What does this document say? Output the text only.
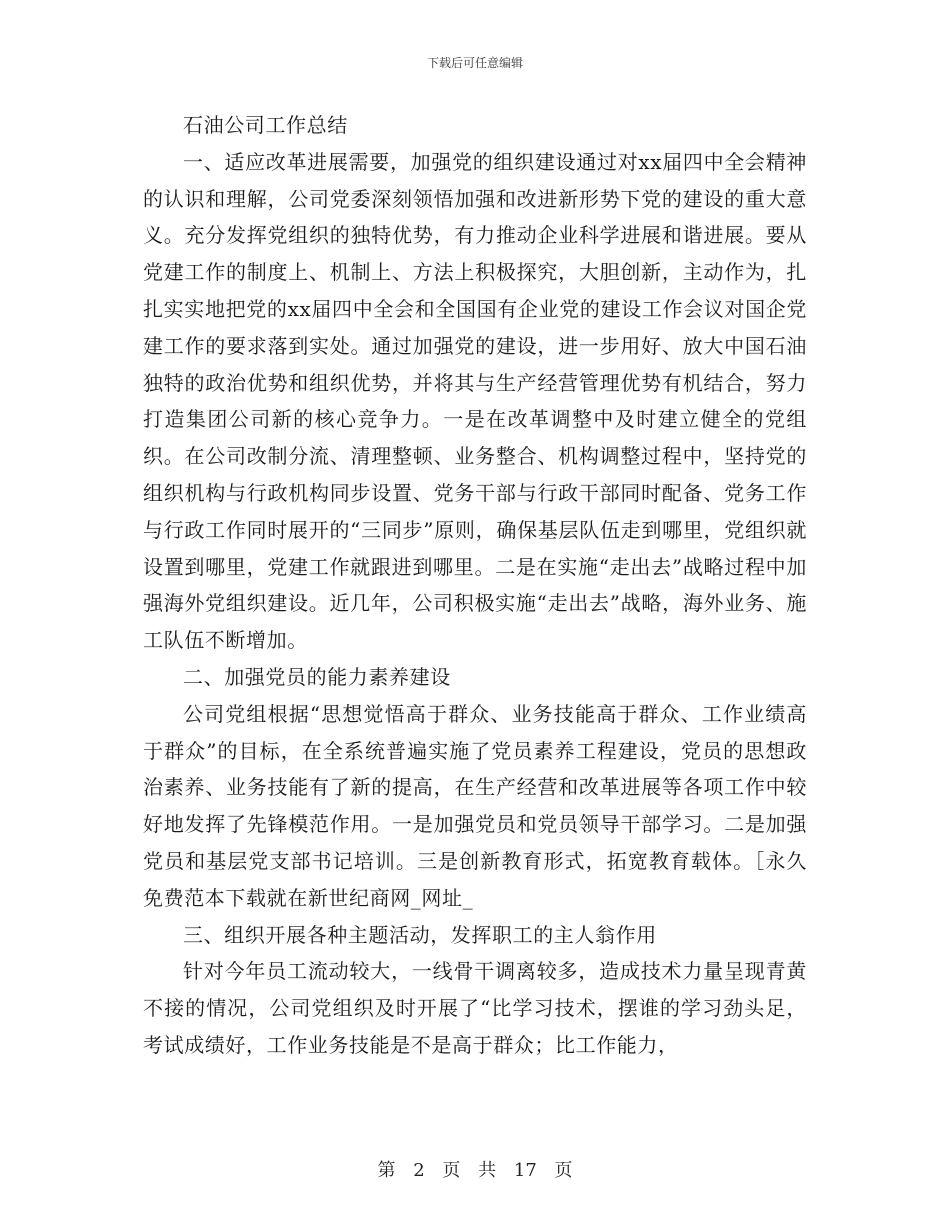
下载后可任意编辑

石油公司工作总结

一、适应改革进展需要，加强党的组织建设通过对xx届四中全会精神的认识和理解，公司党委深刻领悟加强和改进新形势下党的建设的重大意义。充分发挥党组织的独特优势，有力推动企业科学进展和谐进展。要从党建工作的制度上、机制上、方法上积极探究，大胆创新，主动作为，扎扎实实地把党的xx届四中全会和全国国有企业党的建设工作会议对国企党建工作的要求落到实处。通过加强党的建设，进一步用好、放大中国石油独特的政治优势和组织优势，并将其与生产经营管理优势有机结合，努力打造集团公司新的核心竞争力。一是在改革调整中及时建立健全的党组织。在公司改制分流、清理整顿、业务整合、机构调整过程中，坚持党的组织机构与行政机构同步设置、党务干部与行政干部同时配备、党务工作与行政工作同时展开的“三同步”原则，确保基层队伍走到哪里，党组织就设置到哪里，党建工作就跟进到哪里。二是在实施“走出去”战略过程中加强海外党组织建设。近几年，公司积极实施“走出去”战略，海外业务、施工队伍不断增加。

二、加强党员的能力素养建设

公司党组根据“思想觉悟高于群众、业务技能高于群众、工作业绩高于群众”的目标，在全系统普遍实施了党员素养工程建设，党员的思想政治素养、业务技能有了新的提高，在生产经营和改革进展等各项工作中较好地发挥了先锋模范作用。一是加强党员和党员领导干部学习。二是加强党员和基层党支部书记培训。三是创新教育形式，拓宽教育载体。［永久免费范本下载就在新世纪商网_网址_

三、组织开展各种主题活动，发挥职工的主人翁作用

针对今年员工流动较大，一线骨干调离较多，造成技术力量呈现青黄不接的情况，公司党组织及时开展了“比学习技术，摆谁的学习劲头足，考试成绩好，工作业务技能是不是高于群众；比工作能力，

第 2 页 共 17 页
